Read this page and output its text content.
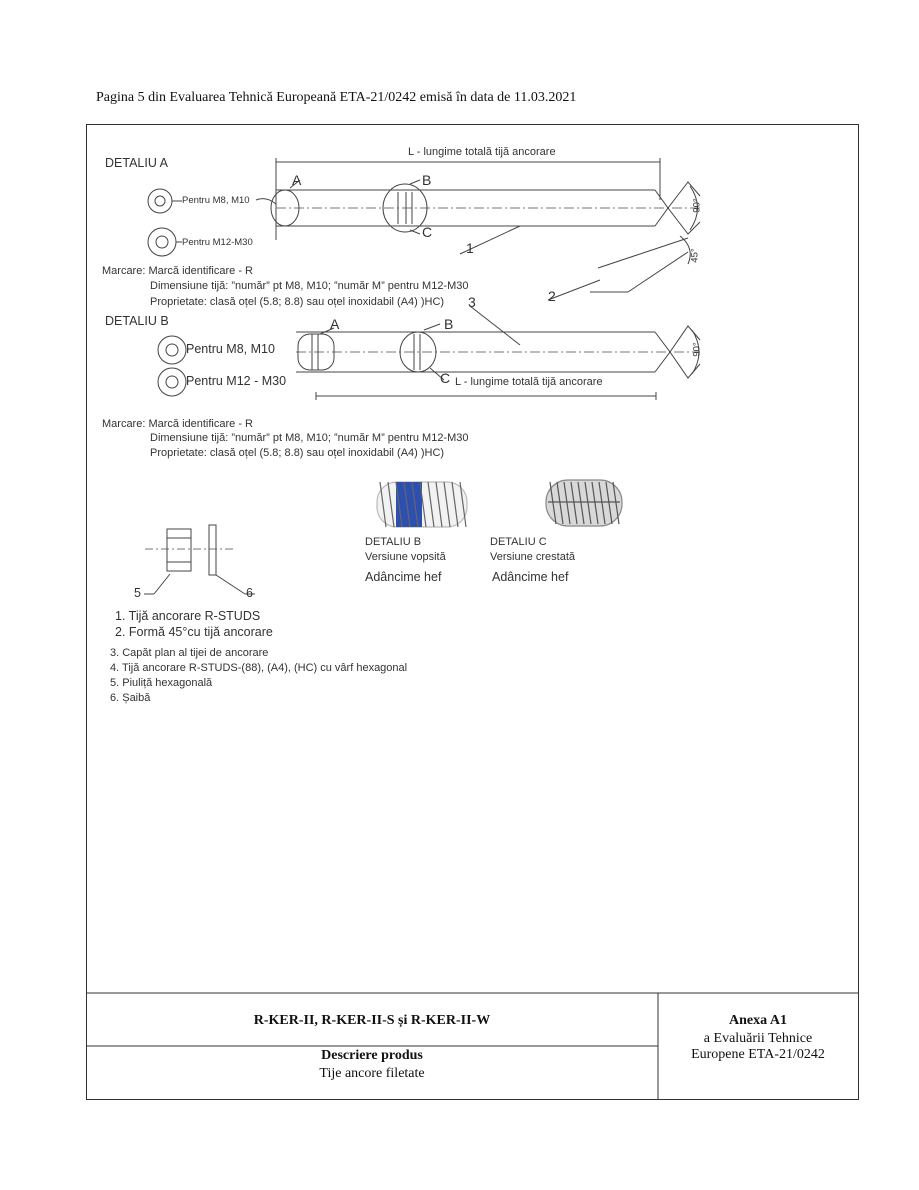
Pagina 5 din Evaluarea Tehnică Europeană ETA-21/0242 emisă în data de 11.03.2021
DETALIU A
L - lungime totală tijă ancorare
A	B
C
1
2
3
90°
45°
Pentru M8, M10
Pentru M12-M30
Marcare: Marcă identificare - R
Dimensiune tijă: ”număr” pt M8, M10; ”număr M” pentru M12-M30
Proprietate: clasă oțel (5.8; 8.8) sau oțel inoxidabil (A4) )HC)
DETALIU B	A	B
C L - lungime totală tijă ancorare
90°
Pentru M8, M10
Pentru M12 - M30
Marcare: Marcă identificare - R
Dimensiune tijă: ”număr” pt M8, M10; ”număr M” pentru M12-M30
Proprietate: clasă oțel (5.8; 8.8) sau oțel inoxidabil (A4) )HC)
DETALIU B
Versiune vopsită
Adâncime hef
DETALIU C
Versiune crestată
Adâncime hef
5	6
1. Tijă ancorare R-STUDS
2. Formă 45°cu tijă ancorare
3. Capăt plan al tijei de ancorare
4. Tijă ancorare R-STUDS-(88), (A4), (HC) cu vârf hexagonal
5. Piuliță hexagonală
6. Șaibă
R-KER-II, R-KER-II-S și R-KER-II-W
Descriere produs
Tije ancore filetate
Anexa A1
a Evaluării Tehnice
Europene ETA-21/0242
